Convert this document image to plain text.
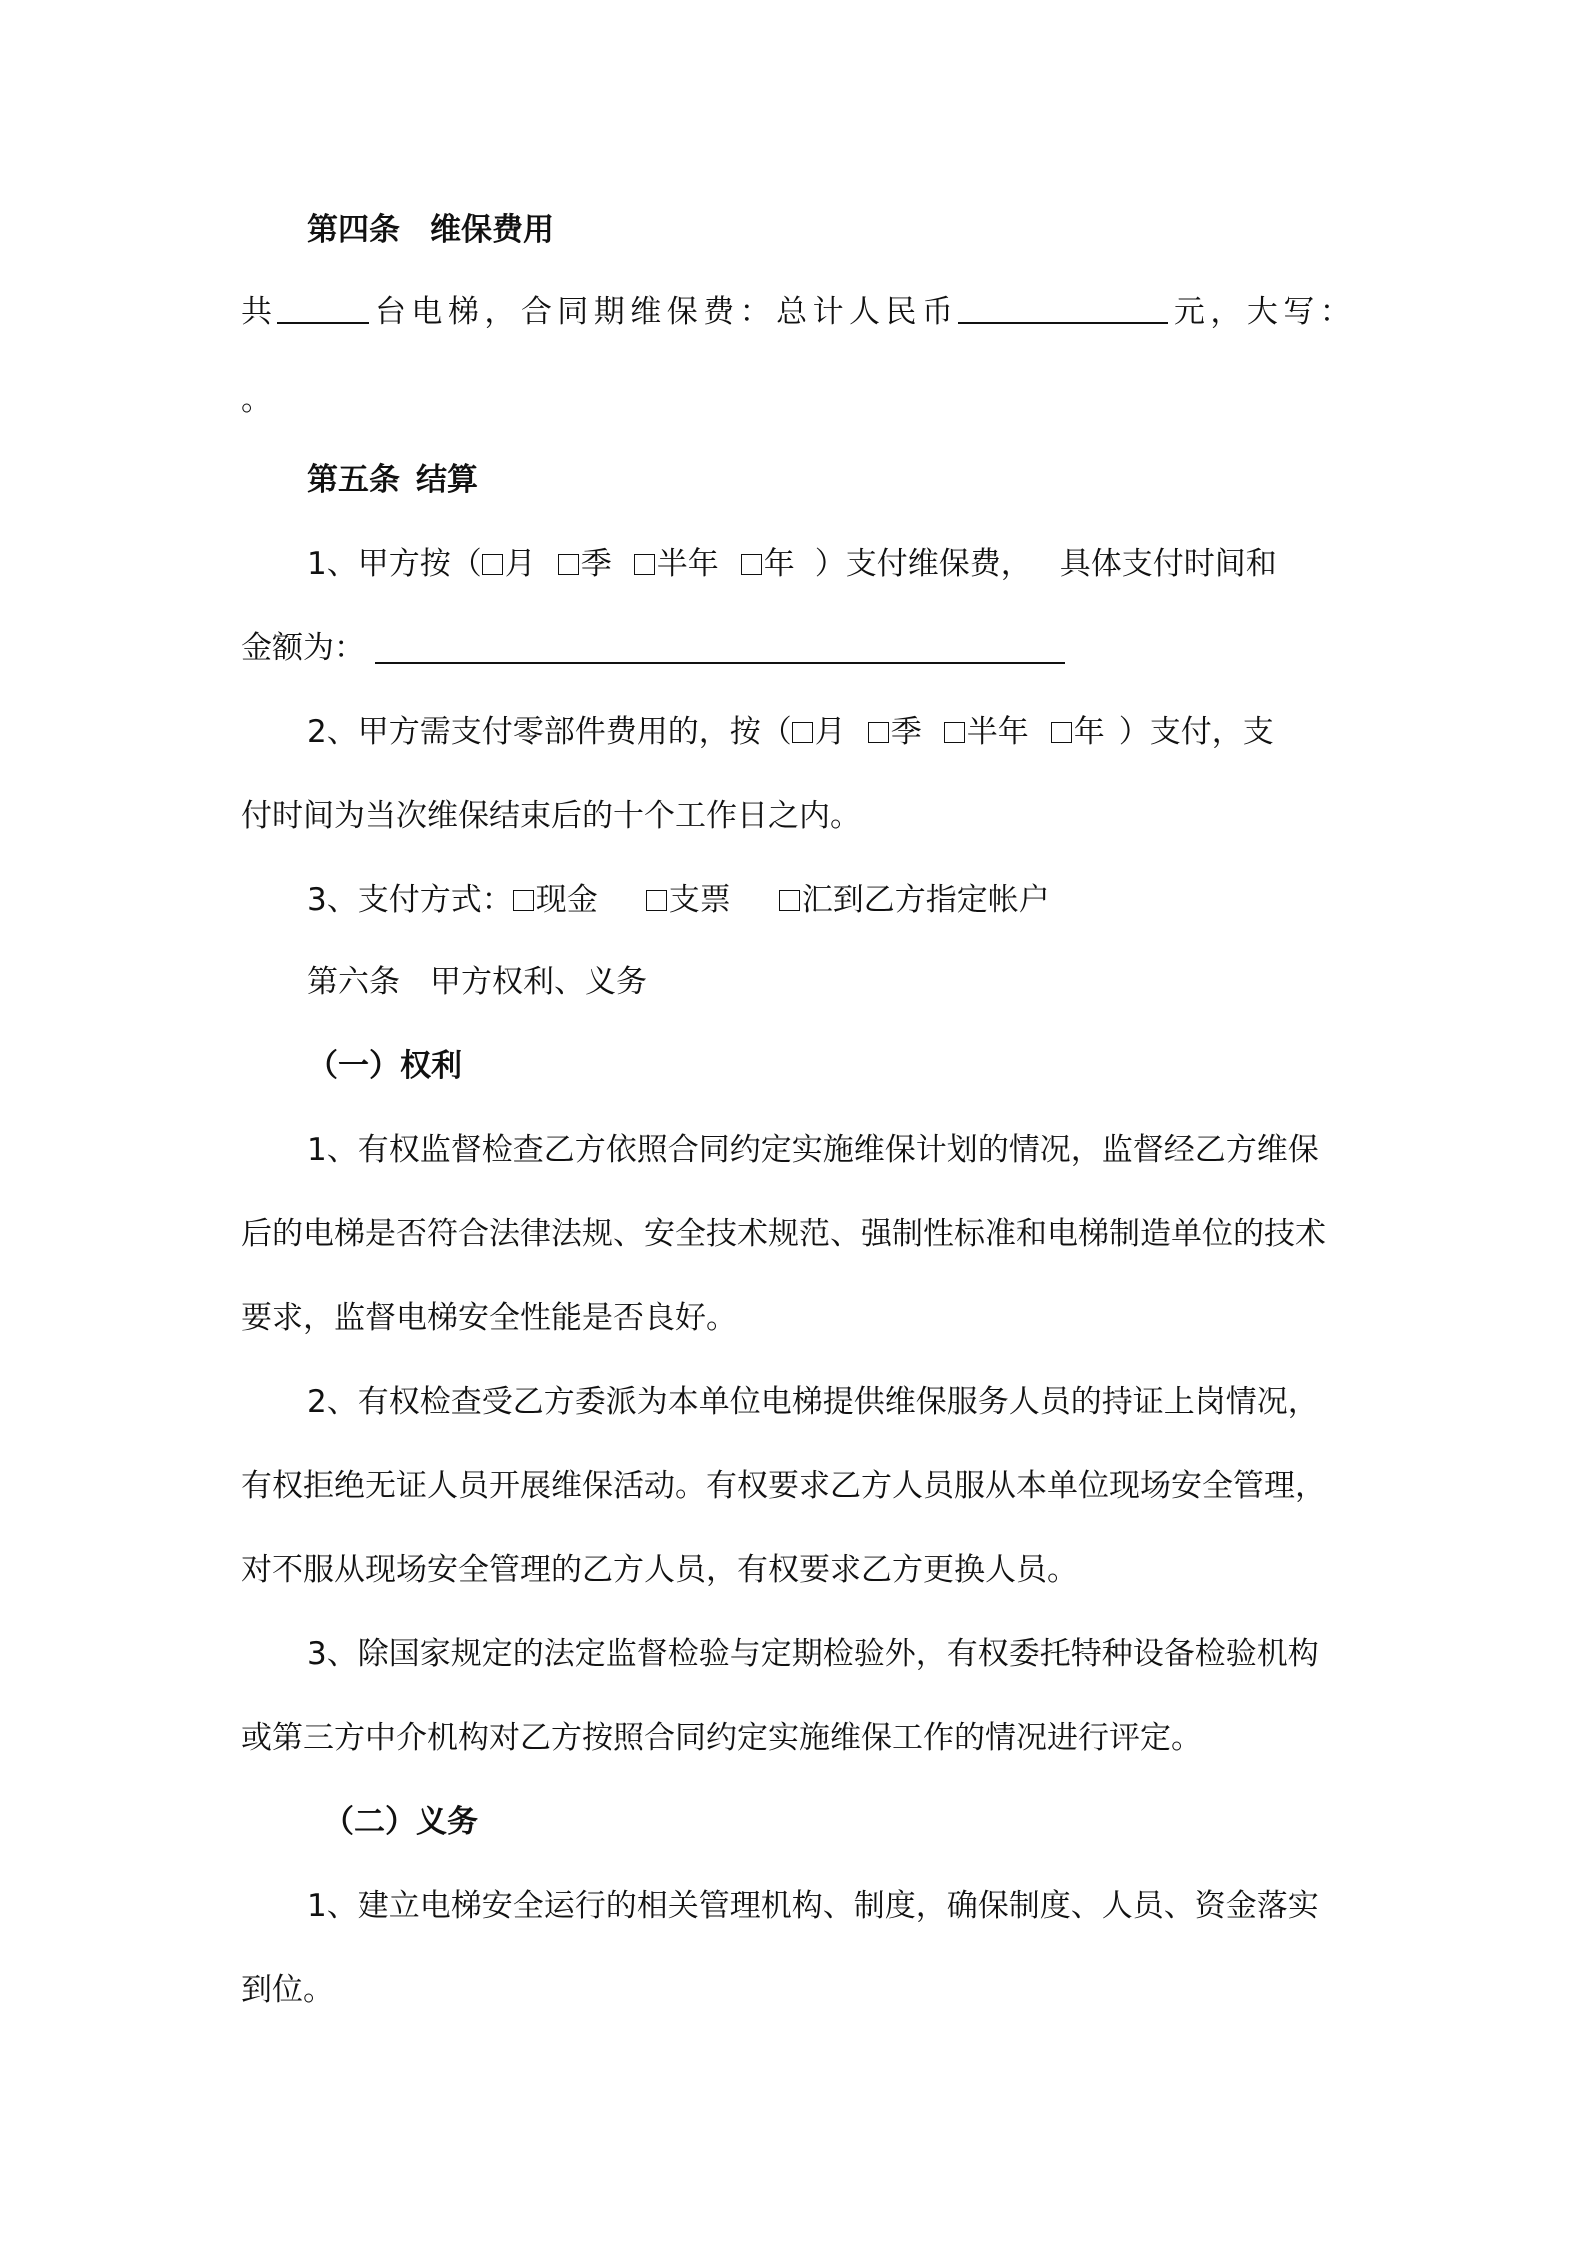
第四条 维保费用
共	台 电 梯 ， 合 同 期 维 保 费 ： 总 计 人 民 币	元 ， 大 写 ：
。
第五条 结算
1、甲方按（ 月 季 半年 年 ）支付维保费， 具体支付时间和
金额为：
2、甲方需支付零部件费用的，按（ 月 季 半年 年 ）支付，支
付时间为当次维保结束后的十个工作日之内。
3、支付方式： 现金 支票 汇到乙方指定帐户
第六条 甲方权利、义务
（一）权利
1、有权监督检查乙方依照合同约定实施维保计划的情况，监督经乙方维保
后的电梯是否符合法律法规、安全技术规范、强制性标准和电梯制造单位的技术
要求，监督电梯安全性能是否良好。
2、有权检查受乙方委派为本单位电梯提供维保服务人员的持证上岗情况，
有权拒绝无证人员开展维保活动。有权要求乙方人员服从本单位现场安全管理，
对不服从现场安全管理的乙方人员，有权要求乙方更换人员。
3、除国家规定的法定监督检验与定期检验外，有权委托特种设备检验机构
或第三方中介机构对乙方按照合同约定实施维保工作的情况进行评定。
（二）义务
1、建立电梯安全运行的相关管理机构、制度，确保制度、人员、资金落实
到位。
